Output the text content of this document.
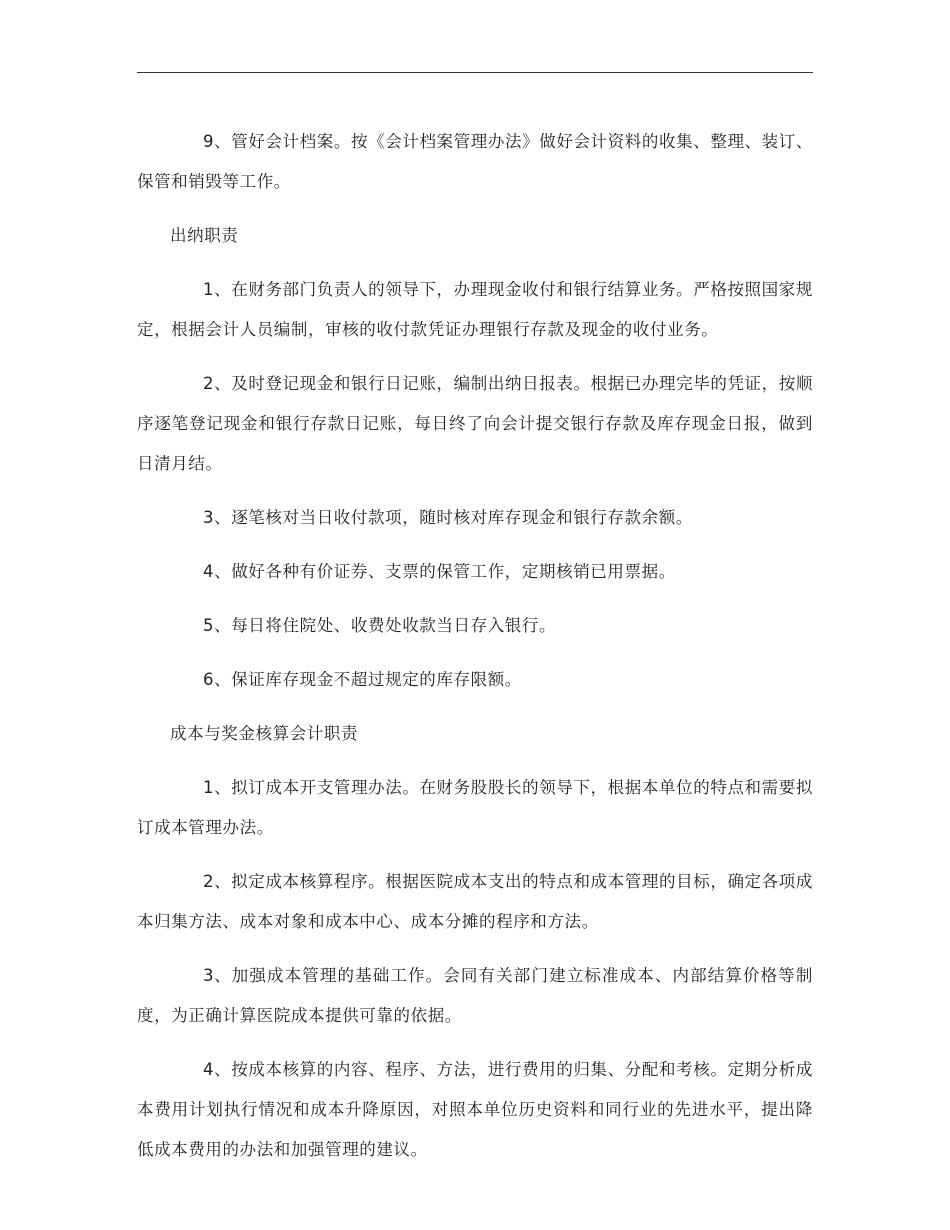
9、管好会计档案。按《会计档案管理办法》做好会计资料的收集、整理、装订、保管和销毁等工作。

出纳职责

1、在财务部门负责人的领导下，办理现金收付和银行结算业务。严格按照国家规定，根据会计人员编制，审核的收付款凭证办理银行存款及现金的收付业务。

2、及时登记现金和银行日记账，编制出纳日报表。根据已办理完毕的凭证，按顺序逐笔登记现金和银行存款日记账，每日终了向会计提交银行存款及库存现金日报，做到日清月结。

3、逐笔核对当日收付款项，随时核对库存现金和银行存款余额。

4、做好各种有价证券、支票的保管工作，定期核销已用票据。

5、每日将住院处、收费处收款当日存入银行。

6、保证库存现金不超过规定的库存限额。

成本与奖金核算会计职责

1、拟订成本开支管理办法。在财务股股长的领导下，根据本单位的特点和需要拟订成本管理办法。

2、拟定成本核算程序。根据医院成本支出的特点和成本管理的目标，确定各项成本归集方法、成本对象和成本中心、成本分摊的程序和方法。

3、加强成本管理的基础工作。会同有关部门建立标准成本、内部结算价格等制度，为正确计算医院成本提供可靠的依据。

4、按成本核算的内容、程序、方法，进行费用的归集、分配和考核。定期分析成本费用计划执行情况和成本升降原因，对照本单位历史资料和同行业的先进水平，提出降低成本费用的办法和加强管理的建议。
